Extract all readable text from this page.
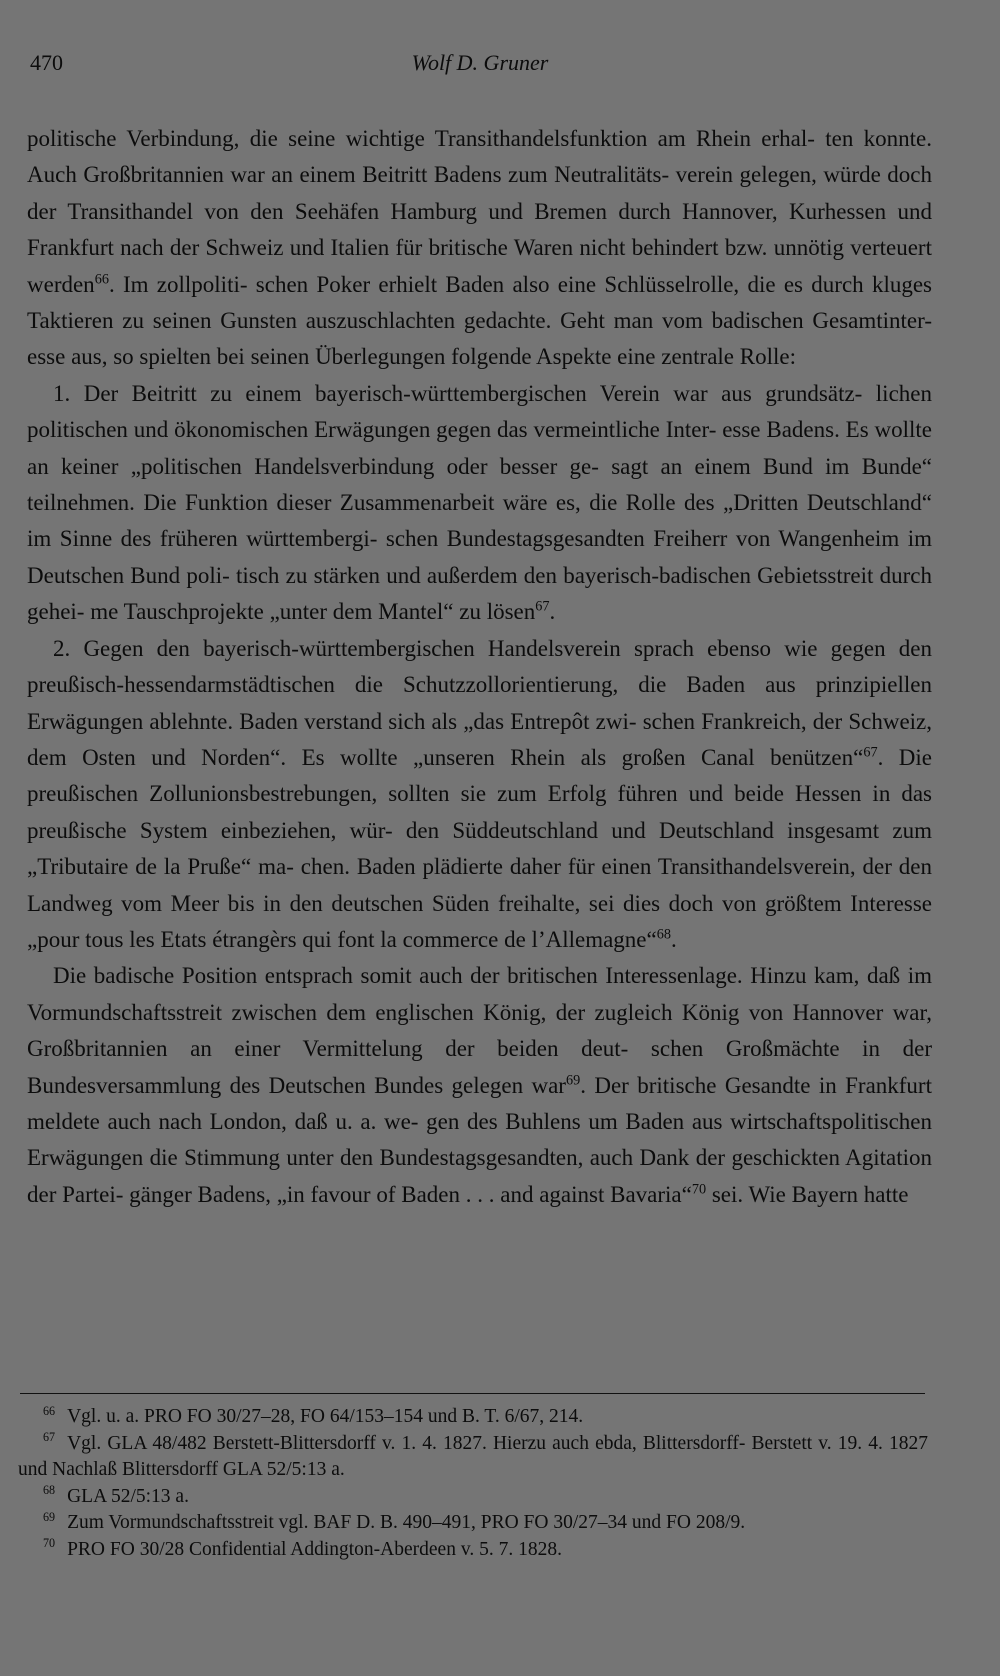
470	Wolf D. Gruner

politische Verbindung, die seine wichtige Transithandelsfunktion am Rhein erhal- ten konnte. Auch Großbritannien war an einem Beitritt Badens zum Neutralitäts- verein gelegen, würde doch der Transithandel von den Seehäfen Hamburg und Bremen durch Hannover, Kurhessen und Frankfurt nach der Schweiz und Italien für britische Waren nicht behindert bzw. unnötig verteuert werden$^{66}$. Im zollpoliti- schen Poker erhielt Baden also eine Schlüsselrolle, die es durch kluges Taktieren zu seinen Gunsten auszuschlachten gedachte. Geht man vom badischen Gesamtinter- esse aus, so spielten bei seinen Überlegungen folgende Aspekte eine zentrale Rolle:

1. Der Beitritt zu einem bayerisch-württembergischen Verein war aus grundsätz- lichen politischen und ökonomischen Erwägungen gegen das vermeintliche Inter- esse Badens. Es wollte an keiner „politischen Handelsverbindung oder besser ge- sagt an einem Bund im Bunde“ teilnehmen. Die Funktion dieser Zusammenarbeit wäre es, die Rolle des „Dritten Deutschland“ im Sinne des früheren württembergi- schen Bundestagsgesandten Freiherr von Wangenheim im Deutschen Bund poli- tisch zu stärken und außerdem den bayerisch-badischen Gebietsstreit durch gehei- me Tauschprojekte „unter dem Mantel“ zu lösen$^{67}$.

2. Gegen den bayerisch-württembergischen Handelsverein sprach ebenso wie gegen den preußisch-hessendarmstädtischen die Schutzzollorientierung, die Baden aus prinzipiellen Erwägungen ablehnte. Baden verstand sich als „das Entrepôt zwi- schen Frankreich, der Schweiz, dem Osten und Norden“. Es wollte „unseren Rhein als großen Canal benützen“$^{67}$. Die preußischen Zollunionsbestrebungen, sollten sie zum Erfolg führen und beide Hessen in das preußische System einbeziehen, wür- den Süddeutschland und Deutschland insgesamt zum „Tributaire de la Pruße“ ma- chen. Baden plädierte daher für einen Transithandelsverein, der den Landweg vom Meer bis in den deutschen Süden freihalte, sei dies doch von größtem Interesse „pour tous les Etats étrangèrs qui font la commerce de l’Allemagne“$^{68}$.

Die badische Position entsprach somit auch der britischen Interessenlage. Hinzu kam, daß im Vormundschaftsstreit zwischen dem englischen König, der zugleich König von Hannover war, Großbritannien an einer Vermittelung der beiden deut- schen Großmächte in der Bundesversammlung des Deutschen Bundes gelegen war$^{69}$. Der britische Gesandte in Frankfurt meldete auch nach London, daß u. a. we- gen des Buhlens um Baden aus wirtschaftspolitischen Erwägungen die Stimmung unter den Bundestagsgesandten, auch Dank der geschickten Agitation der Partei- gänger Badens, „in favour of Baden . . . and against Bavaria“$^{70}$ sei. Wie Bayern hatte

$^{66}$ Vgl. u. a. PRO FO 30/27–28, FO 64/153–154 und B. T. 6/67, 214.

$^{67}$ Vgl. GLA 48/482 Berstett-Blittersdorff v. 1. 4. 1827. Hierzu auch ebda, Blittersdorff- Berstett v. 19. 4. 1827 und Nachlaß Blittersdorff GLA 52/5:13 a.

$^{68}$ GLA 52/5:13 a.

$^{69}$ Zum Vormundschaftsstreit vgl. BAF D. B. 490–491, PRO FO 30/27–34 und FO 208/9.

$^{70}$ PRO FO 30/28 Confidential Addington-Aberdeen v. 5. 7. 1828.
